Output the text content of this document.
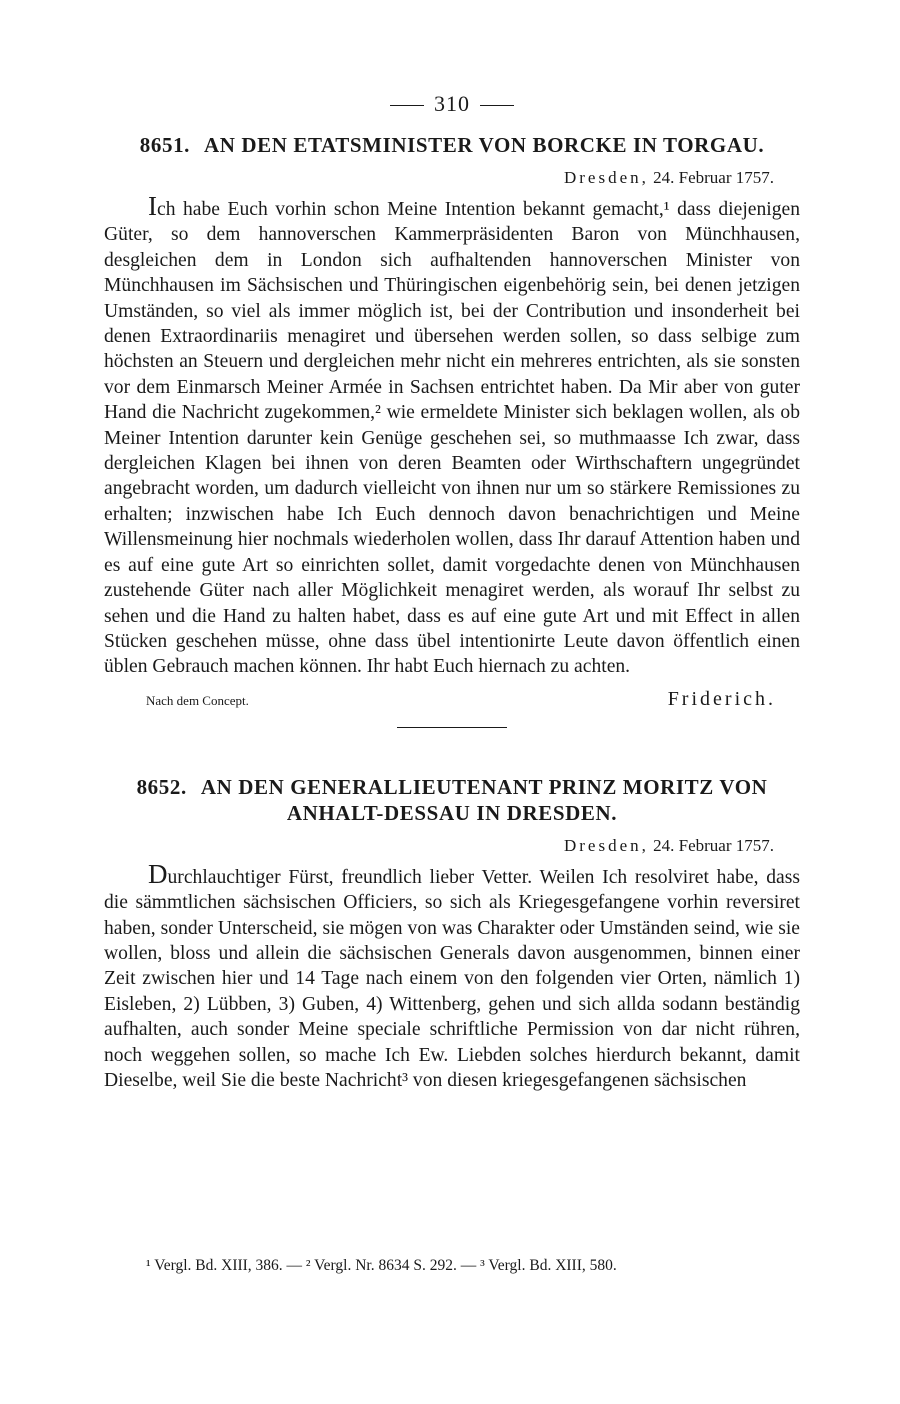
310
8651. AN DEN ETATSMINISTER VON BORCKE IN TORGAU.
Dresden, 24. Februar 1757.

Ich habe Euch vorhin schon Meine Intention bekannt gemacht,¹ dass diejenigen Güter, so dem hannoverschen Kammerpräsidenten Baron von Münchhausen, desgleichen dem in London sich aufhaltenden hannoverschen Minister von Münchhausen im Sächsischen und Thüringischen eigenbehörig sein, bei denen jetzigen Umständen, so viel als immer möglich ist, bei der Contribution und insonderheit bei denen Extraordinariis menagiret und übersehen werden sollen, so dass selbige zum höchsten an Steuern und dergleichen mehr nicht ein mehreres entrichten, als sie sonsten vor dem Einmarsch Meiner Armée in Sachsen entrichtet haben. Da Mir aber von guter Hand die Nachricht zugekommen,² wie ermeldete Minister sich beklagen wollen, als ob Meiner Intention darunter kein Genüge geschehen sei, so muthmaasse Ich zwar, dass dergleichen Klagen bei ihnen von deren Beamten oder Wirthschaftern ungegründet angebracht worden, um dadurch vielleicht von ihnen nur um so stärkere Remissiones zu erhalten; inzwischen habe Ich Euch dennoch davon benachrichtigen und Meine Willensmeinung hier nochmals wiederholen wollen, dass Ihr darauf Attention haben und es auf eine gute Art so einrichten sollet, damit vorgedachte denen von Münchhausen zustehende Güter nach aller Möglichkeit menagiret werden, als worauf Ihr selbst zu sehen und die Hand zu halten habet, dass es auf eine gute Art und mit Effect in allen Stücken geschehen müsse, ohne dass übel intentionirte Leute davon öffentlich einen üblen Gebrauch machen können. Ihr habt Euch hiernach zu achten.

Nach dem Concept.	Friderich.
8652. AN DEN GENERALLIEUTENANT PRINZ MORITZ VON
ANHALT-DESSAU IN DRESDEN.
Dresden, 24. Februar 1757.

Durchlauchtiger Fürst, freundlich lieber Vetter. Weilen Ich resolviret habe, dass die sämmtlichen sächsischen Officiers, so sich als Kriegesgefangene vorhin reversiret haben, sonder Unterscheid, sie mögen von was Charakter oder Umständen seind, wie sie wollen, bloss und allein die sächsischen Generals davon ausgenommen, binnen einer Zeit zwischen hier und 14 Tage nach einem von den folgenden vier Orten, nämlich 1) Eisleben, 2) Lübben, 3) Guben, 4) Wittenberg, gehen und sich allda sodann beständig aufhalten, auch sonder Meine speciale schriftliche Permission von dar nicht rühren, noch weggehen sollen, so mache Ich Ew. Liebden solches hierdurch bekannt, damit Dieselbe, weil Sie die beste Nachricht³ von diesen kriegesgefangenen sächsischen

¹ Vergl. Bd. XIII, 386. — ² Vergl. Nr. 8634 S. 292. — ³ Vergl. Bd. XIII, 580.
